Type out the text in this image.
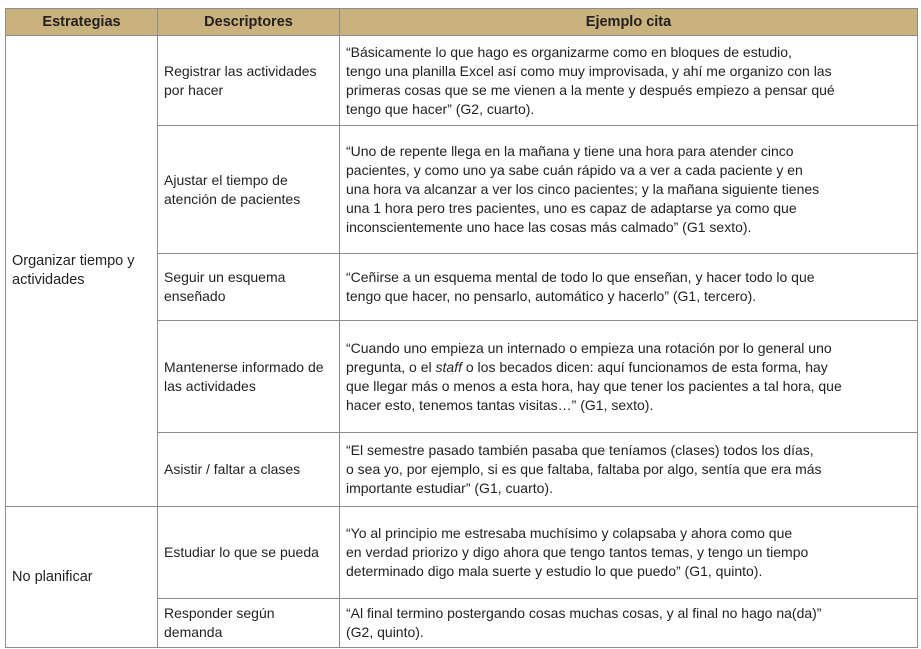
Estrategias	Descriptores	Ejemplo cita
Organizar tiempo y actividades	Registrar las actividades por hacer	“Básicamente lo que hago es organizarme como en bloques de estudio,
tengo una planilla Excel así como muy improvisada, y ahí me organizo con las
primeras cosas que se me vienen a la mente y después empiezo a pensar qué
tengo que hacer” (G2, cuarto).

	Ajustar el tiempo de atención de pacientes	“Uno de repente llega en la mañana y tiene una hora para atender cinco
pacientes, y como uno ya sabe cuán rápido va a ver a cada paciente y en
una hora va alcanzar a ver los cinco pacientes; y la mañana siguiente tienes
una 1 hora pero tres pacientes, uno es capaz de adaptarse ya como que
inconscientemente uno hace las cosas más calmado” (G1 sexto).

	Seguir un esquema enseñado	“Ceñirse a un esquema mental de todo lo que enseñan, y hacer todo lo que
tengo que hacer, no pensarlo, automático y hacerlo” (G1, tercero).

	Mantenerse informado de las actividades	“Cuando uno empieza un internado o empieza una rotación por lo general uno
pregunta, o el staff o los becados dicen: aquí funcionamos de esta forma, hay
que llegar más o menos a esta hora, hay que tener los pacientes a tal hora, que
hacer esto, tenemos tantas visitas…” (G1, sexto).

	Asistir / faltar a clases	“El semestre pasado también pasaba que teníamos (clases) todos los días,
o sea yo, por ejemplo, si es que faltaba, faltaba por algo, sentía que era más
importante estudiar” (G1, cuarto).

No planificar	Estudiar lo que se pueda	“Yo al principio me estresaba muchísimo y colapsaba y ahora como que
en verdad priorizo y digo ahora que tengo tantos temas, y tengo un tiempo
determinado digo mala suerte y estudio lo que puedo” (G1, quinto).

	Responder según demanda	“Al final termino postergando cosas muchas cosas, y al final no hago na(da)”
(G2, quinto).
